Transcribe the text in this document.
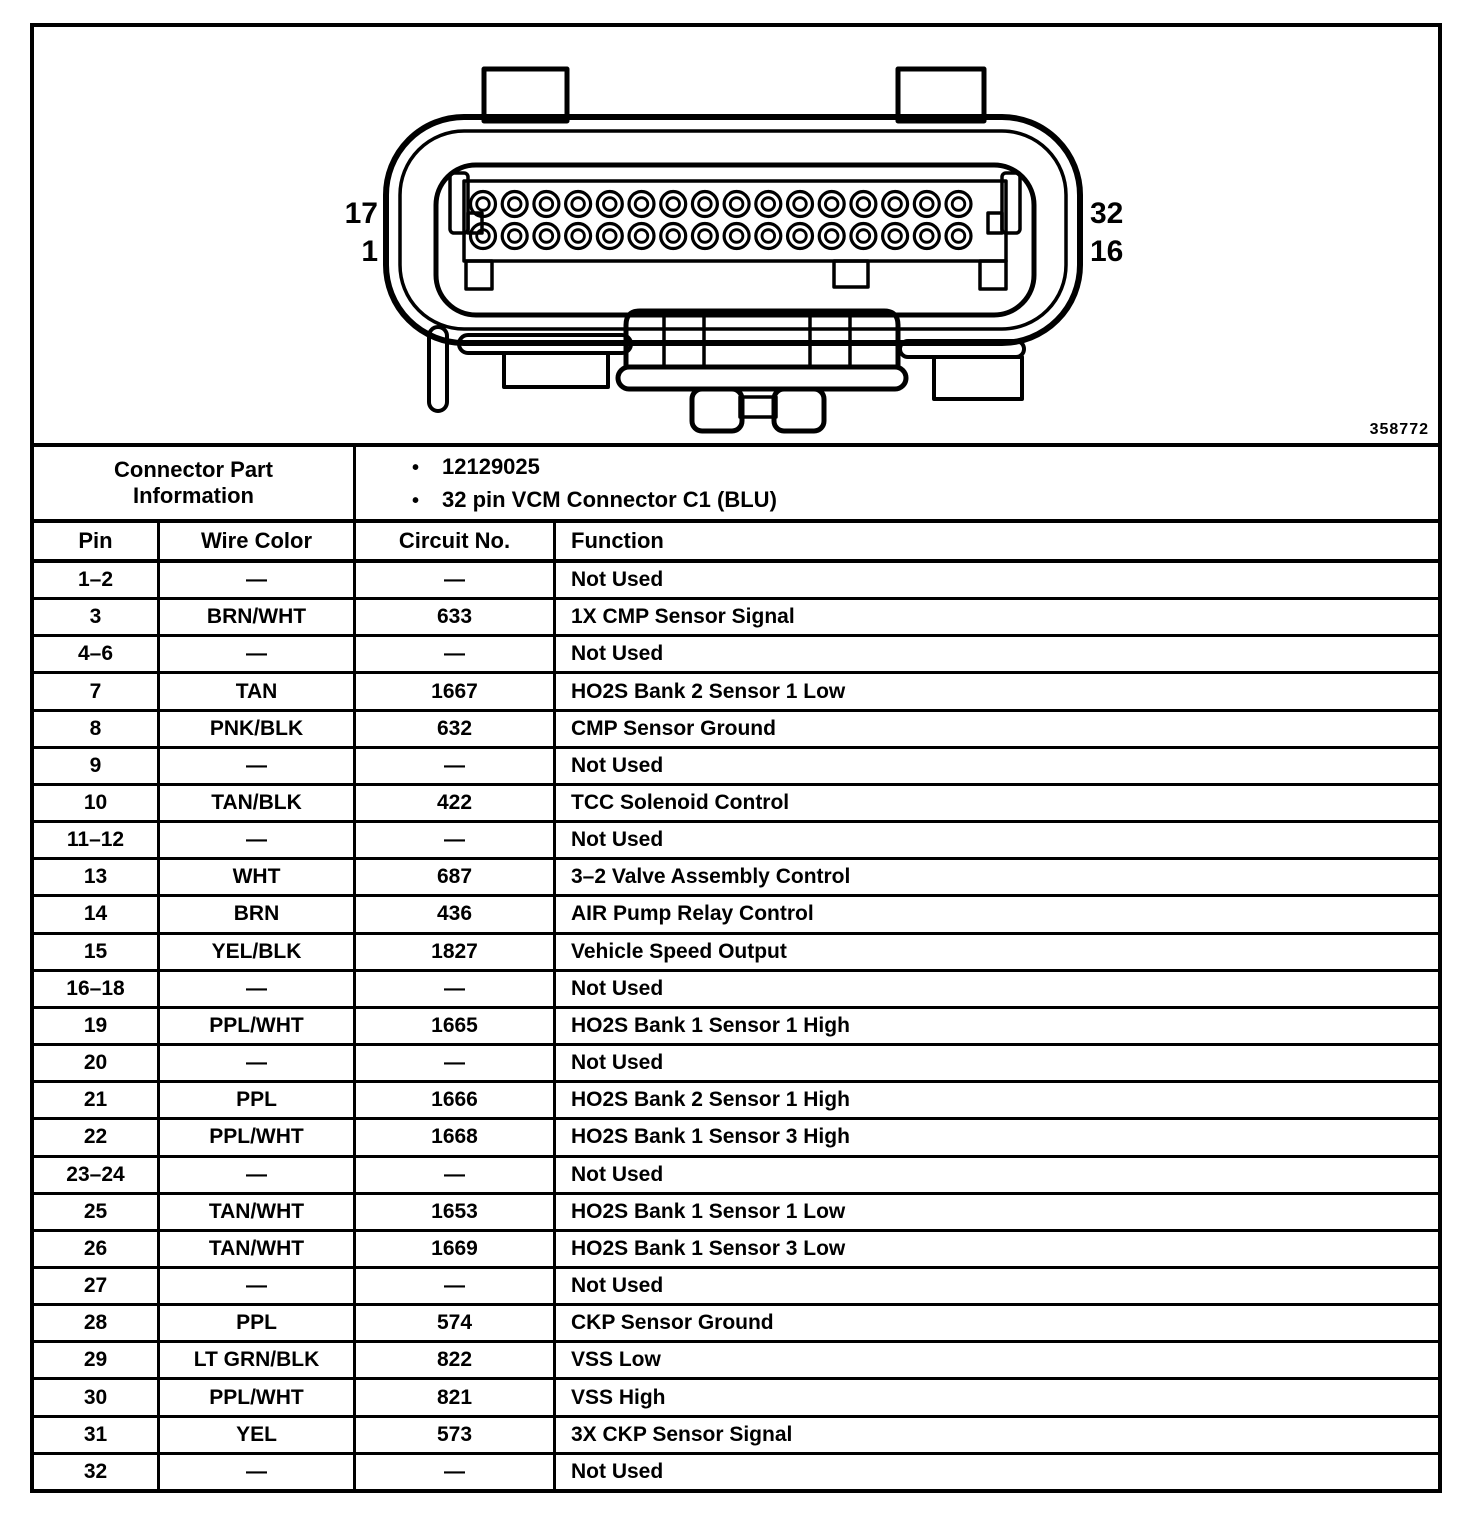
17
1
32
16
358772
Connector Part Information
•	12129025
•	32 pin VCM Connector C1 (BLU)
Pin	Wire Color	Circuit No.	Function
1–2	—	—	Not Used
3	BRN/WHT	633	1X CMP Sensor Signal
4–6	—	—	Not Used
7	TAN	1667	HO2S Bank 2 Sensor 1 Low
8	PNK/BLK	632	CMP Sensor Ground
9	—	—	Not Used
10	TAN/BLK	422	TCC Solenoid Control
11–12	—	—	Not Used
13	WHT	687	3–2 Valve Assembly Control
14	BRN	436	AIR Pump Relay Control
15	YEL/BLK	1827	Vehicle Speed Output
16–18	—	—	Not Used
19	PPL/WHT	1665	HO2S Bank 1 Sensor 1 High
20	—	—	Not Used
21	PPL	1666	HO2S Bank 2 Sensor 1 High
22	PPL/WHT	1668	HO2S Bank 1 Sensor 3 High
23–24	—	—	Not Used
25	TAN/WHT	1653	HO2S Bank 1 Sensor 1 Low
26	TAN/WHT	1669	HO2S Bank 1 Sensor 3 Low
27	—	—	Not Used
28	PPL	574	CKP Sensor Ground
29	LT GRN/BLK	822	VSS Low
30	PPL/WHT	821	VSS High
31	YEL	573	3X CKP Sensor Signal
32	—	—	Not Used
